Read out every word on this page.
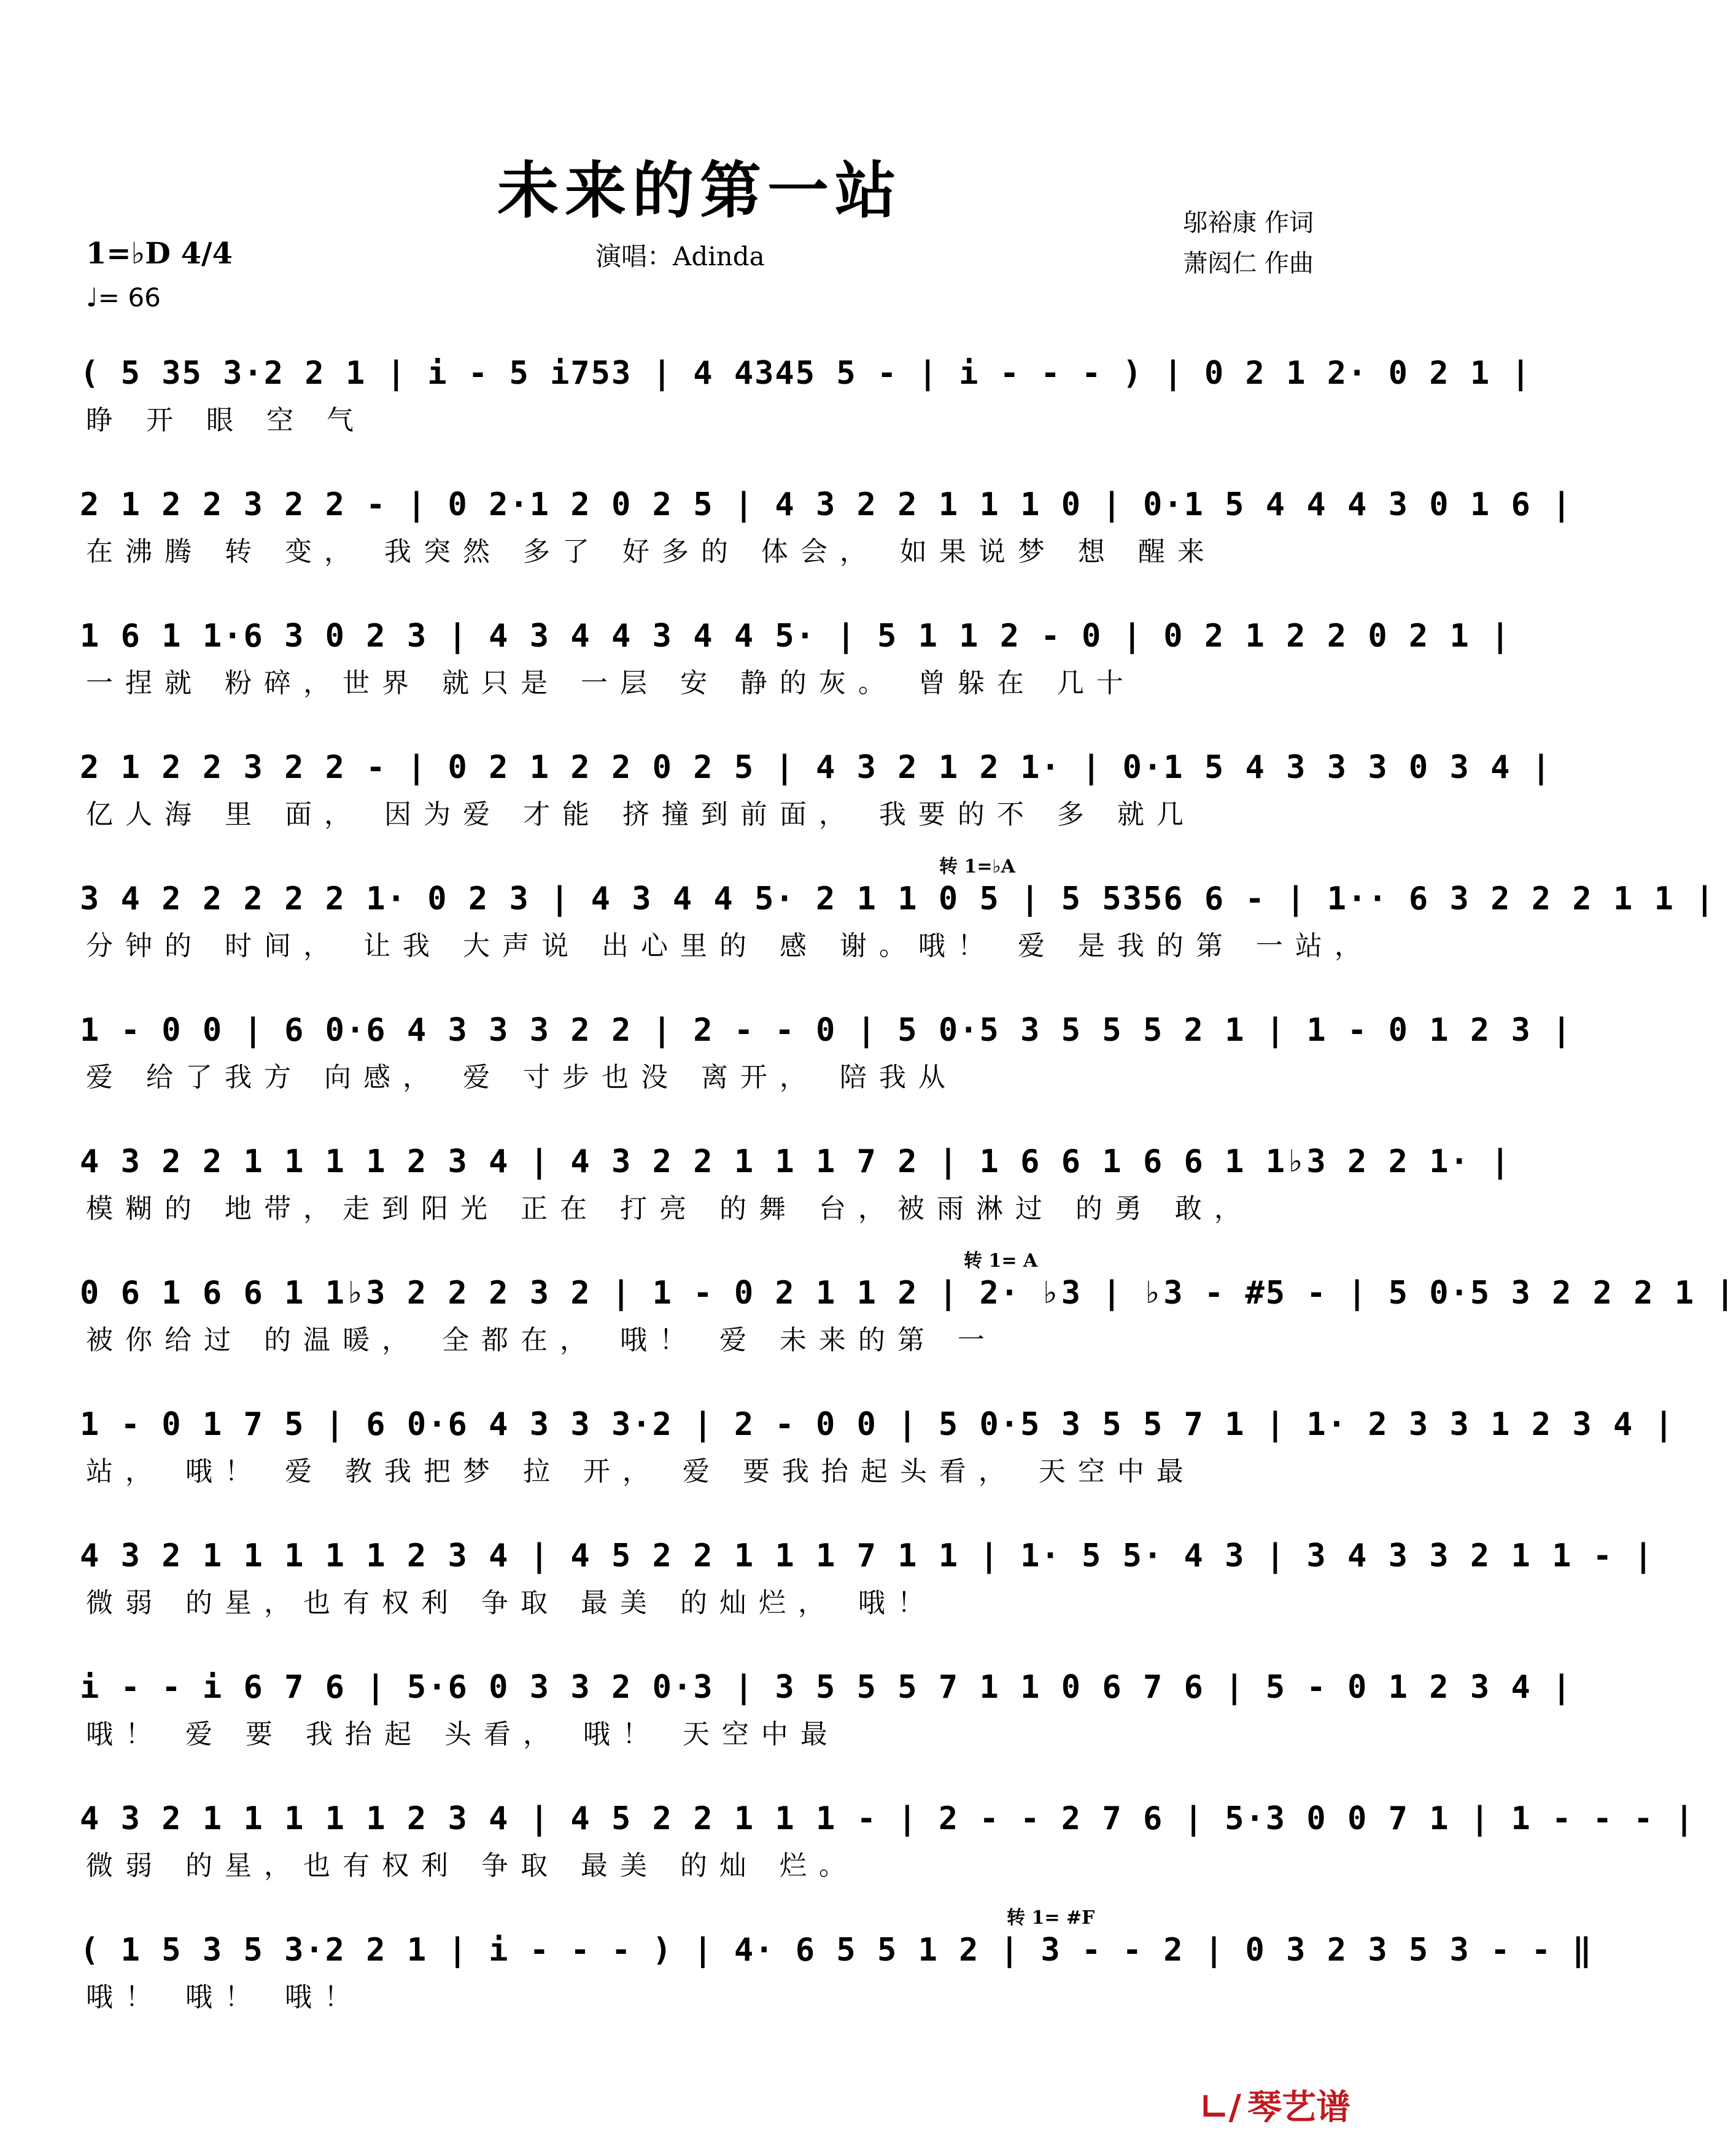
未来的第一站	邬裕康 作词
萧闳仁 作曲
演唱：Adinda
1=♭D 4/4
♩= 66
( 5 35 3·2 2 1 | i - 5 i753 | 4 4345 5 - | i - - - ) | 0 2 1 2· 0 2 1 |
睁 开 眼 空 气
2 1 2 2 3 2 2 - | 0 2·1 2 0 2 5 | 4 3 2 2 1 1 1 0 | 0·1 5 4 4 4 3 0 1 6 |
在沸腾 转 变， 我突然 多了 好多的 体会， 如果说梦 想 醒来
1 6 1 1·6 3 0 2 3 | 4 3 4 4 3 4 4 5· | 5 1 1 2 - 0 | 0 2 1 2 2 0 2 1 |
一捏就 粉碎，世界 就只是 一层 安 静的灰。 曾躲在 几十
2 1 2 2 3 2 2 - | 0 2 1 2 2 0 2 5 | 4 3 2 1 2 1· | 0·1 5 4 3 3 3 0 3 4 |
亿人海 里 面， 因为爱 才能 挤撞到前面， 我要的不 多 就几
转 1=♭A
3 4 2 2 2 2 2 1· 0 2 3 | 4 3 4 4 5· 2 1 1 0 5 | 5 5356 6 - | 1·· 6 3 2 2 2 1 1 |
分钟的 时间， 让我 大声说 出心里的 感 谢。哦！ 爱 是我的第 一站，
1 - 0 0 | 6 0·6 4 3 3 3 2 2 | 2 - - 0 | 5 0·5 3 5 5 5 2 1 | 1 - 0 1 2 3 |
爱 给了我方 向感， 爱 寸步也没 离开， 陪我从
4 3 2 2 1 1 1 1 2 3 4 | 4 3 2 2 1 1 1 7 2 | 1 6 6 1 6 6 1 1♭3 2 2 1· |
模糊的 地带，走到阳光 正在 打亮 的舞 台，被雨淋过 的勇 敢，
转 1= A
0 6 1 6 6 1 1♭3 2 2 2 3 2 | 1 - 0 2 1 1 2 | 2· ♭3 | ♭3 - #5 - | 5 0·5 3 2 2 2 1 |
被你给过 的温暖， 全都在， 哦！ 爱 未来的第 一
1 - 0 1 7 5 | 6 0·6 4 3 3 3·2 | 2 - 0 0 | 5 0·5 3 5 5 7 1 | 1· 2 3 3 1 2 3 4 |
站， 哦！ 爱 教我把梦 拉 开， 爱 要我抬起头看， 天空中最
4 3 2 1 1 1 1 1 2 3 4 | 4 5 2 2 1 1 1 7 1 1 | 1· 5 5· 4 3 | 3 4 3 3 2 1 1 - |
微弱 的星，也有权利 争取 最美 的灿烂， 哦！
i - - i 6 7 6 | 5·6 0 3 3 2 0·3 | 3 5 5 5 7 1 1 0 6 7 6 | 5 - 0 1 2 3 4 |
哦！ 爱 要 我抬起 头看， 哦！ 天空中最
4 3 2 1 1 1 1 1 2 3 4 | 4 5 2 2 1 1 1 - | 2 - - 2 7 6 | 5·3 0 0 7 1 | 1 - - - |
微弱 的星，也有权利 争取 最美 的灿 烂。
转 1= #F
( 1 5 3 5 3·2 2 1 | i - - - ) | 4· 6 5 5 1 2 | 3 - - 2 | 0 3 2 3 5 3 - - ‖
哦！ 哦！ 哦！
∟∕ 琴艺谱
